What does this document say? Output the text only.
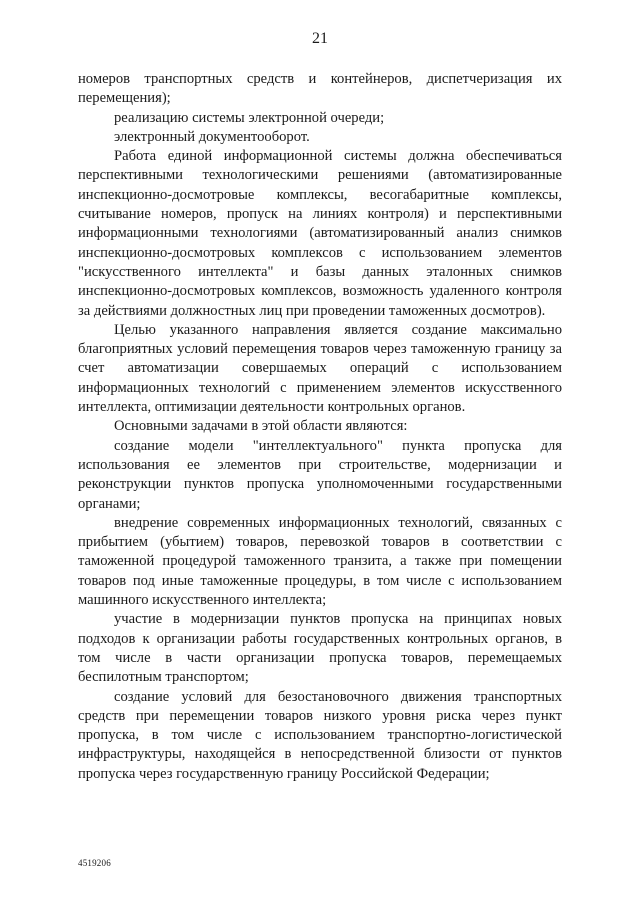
21

номеров транспортных средств и контейнеров, диспетчеризация их перемещения);

реализацию системы электронной очереди;

электронный документооборот.

Работа единой информационной системы должна обеспечиваться перспективными технологическими решениями (автоматизированные инспекционно-досмотровые комплексы, весогабаритные комплексы, считывание номеров, пропуск на линиях контроля) и перспективными информационными технологиями (автоматизированный анализ снимков инспекционно-досмотровых комплексов с использованием элементов "искусственного интеллекта" и базы данных эталонных снимков инспекционно-досмотровых комплексов, возможность удаленного контроля за действиями должностных лиц при проведении таможенных досмотров).

Целью указанного направления является создание максимально благоприятных условий перемещения товаров через таможенную границу за счет автоматизации совершаемых операций с использованием информационных технологий с применением элементов искусственного интеллекта, оптимизации деятельности контрольных органов.

Основными задачами в этой области являются:

создание модели "интеллектуального" пункта пропуска для использования ее элементов при строительстве, модернизации и реконструкции пунктов пропуска уполномоченными государственными органами;

внедрение современных информационных технологий, связанных с прибытием (убытием) товаров, перевозкой товаров в соответствии с таможенной процедурой таможенного транзита, а также при помещении товаров под иные таможенные процедуры, в том числе с использованием машинного искусственного интеллекта;

участие в модернизации пунктов пропуска на принципах новых подходов к организации работы государственных контрольных органов, в том числе в части организации пропуска товаров, перемещаемых беспилотным транспортом;

создание условий для безостановочного движения транспортных средств при перемещении товаров низкого уровня риска через пункт пропуска, в том числе с использованием транспортно-логистической инфраструктуры, находящейся в непосредственной близости от пунктов пропуска через государственную границу Российской Федерации;

4519206
